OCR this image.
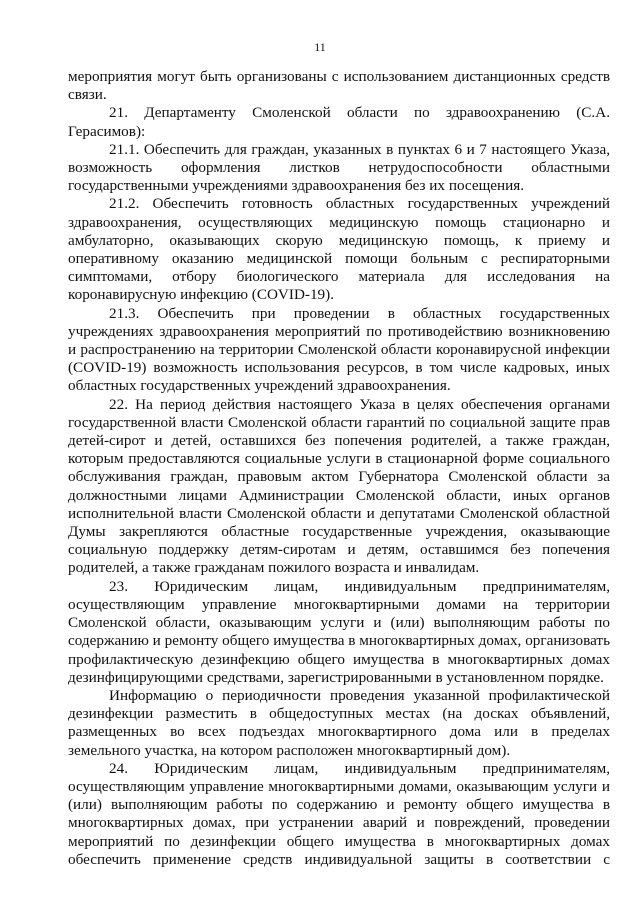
11

мероприятия могут быть организованы с использованием дистанционных средств связи.

21. Департаменту Смоленской области по здравоохранению (С.А. Герасимов):

21.1. Обеспечить для граждан, указанных в пунктах 6 и 7 настоящего Указа, возможность оформления листков нетрудоспособности областными государственными учреждениями здравоохранения без их посещения.

21.2. Обеспечить готовность областных государственных учреждений здравоохранения, осуществляющих медицинскую помощь стационарно и амбулаторно, оказывающих скорую медицинскую помощь, к приему и оперативному оказанию медицинской помощи больным с респираторными симптомами, отбору биологического материала для исследования на коронавирусную инфекцию (COVID-19).

21.3. Обеспечить при проведении в областных государственных учреждениях здравоохранения мероприятий по противодействию возникновению и распространению на территории Смоленской области коронавирусной инфекции (COVID-19) возможность использования ресурсов, в том числе кадровых, иных областных государственных учреждений здравоохранения.

22. На период действия настоящего Указа в целях обеспечения органами государственной власти Смоленской области гарантий по социальной защите прав детей-сирот и детей, оставшихся без попечения родителей, а также граждан, которым предоставляются социальные услуги в стационарной форме социального обслуживания граждан, правовым актом Губернатора Смоленской области за должностными лицами Администрации Смоленской области, иных органов исполнительной власти Смоленской области и депутатами Смоленской областной Думы закрепляются областные государственные учреждения, оказывающие социальную поддержку детям-сиротам и детям, оставшимся без попечения родителей, а также гражданам пожилого возраста и инвалидам.

23. Юридическим лицам, индивидуальным предпринимателям, осуществляющим управление многоквартирными домами на территории Смоленской области, оказывающим услуги и (или) выполняющим работы по содержанию и ремонту общего имущества в многоквартирных домах, организовать профилактическую дезинфекцию общего имущества в многоквартирных домах дезинфицирующими средствами, зарегистрированными в установленном порядке.

Информацию о периодичности проведения указанной профилактической дезинфекции разместить в общедоступных местах (на досках объявлений, размещенных во всех подъездах многоквартирного дома или в пределах земельного участка, на котором расположен многоквартирный дом).

24. Юридическим лицам, индивидуальным предпринимателям, осуществляющим управление многоквартирными домами, оказывающим услуги и (или) выполняющим работы по содержанию и ремонту общего имущества в многоквартирных домах, при устранении аварий и повреждений, проведении мероприятий по дезинфекции общего имущества в многоквартирных домах обеспечить применение средств индивидуальной защиты в соответствии с
